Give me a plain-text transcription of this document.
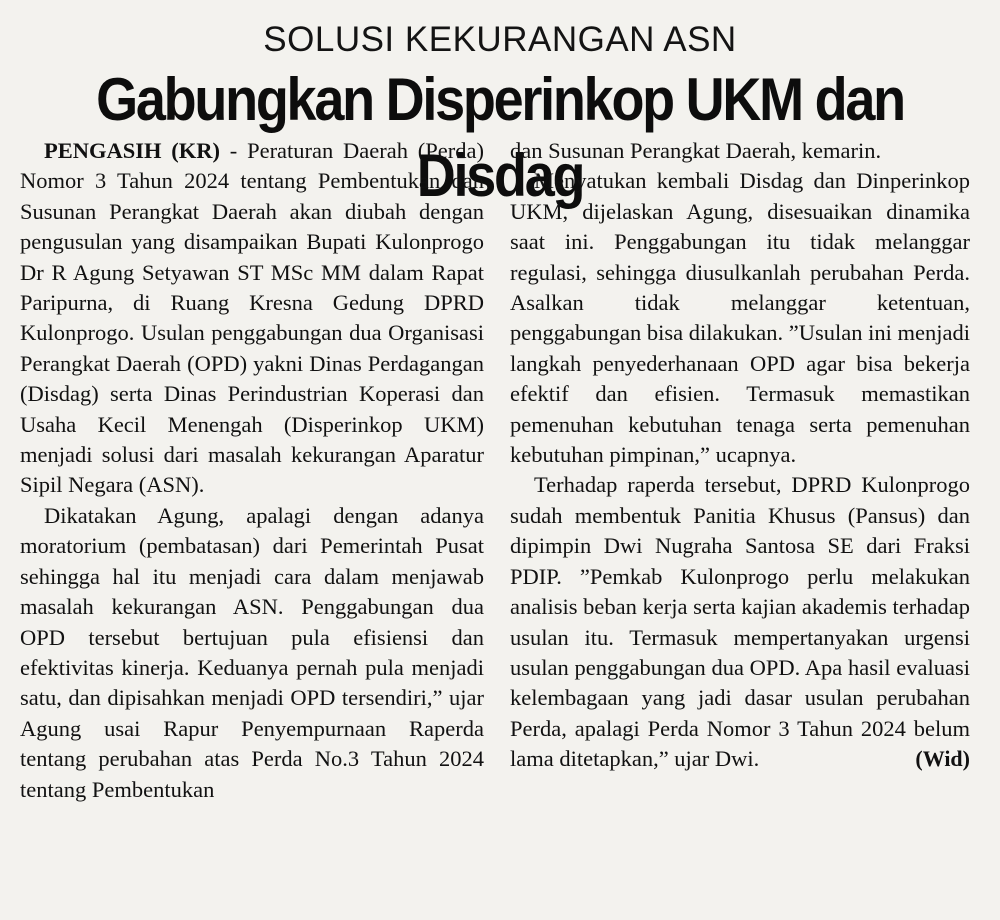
SOLUSI KEKURANGAN ASN
Gabungkan Disperinkop UKM dan Disdag

PENGASIH (KR) - Peraturan Daerah (Perda) Nomor 3 Tahun 2024 tentang Pembentukan dan Susunan Perangkat Daerah akan diubah dengan pengusulan yang disampaikan Bupati Kulonprogo Dr R Agung Setyawan ST MSc MM dalam Rapat Paripurna, di Ruang Kresna Gedung DPRD Kulonprogo. Usulan penggabungan dua Organisasi Perangkat Daerah (OPD) yakni Dinas Perdagangan (Disdag) serta Dinas Perindustrian Koperasi dan Usaha Kecil Menengah (Disperinkop UKM) menjadi solusi dari masalah kekurangan Aparatur Sipil Negara (ASN).

Dikatakan Agung, apalagi dengan adanya moratorium (pembatasan) dari Pemerintah Pusat sehingga hal itu menjadi cara dalam menjawab masalah kekurangan ASN. Penggabungan dua OPD tersebut bertujuan pula efisiensi dan efektivitas kinerja. Keduanya pernah pula menjadi satu, dan dipisahkan menjadi OPD tersendiri,” ujar Agung usai Rapur Penyempurnaan Raperda tentang perubahan atas Perda No.3 Tahun 2024 tentang Pembentukan

dan Susunan Perangkat Daerah, kemarin.

Menyatukan kembali Disdag dan Dinperinkop UKM, dijelaskan Agung, disesuaikan dinamika saat ini. Penggabungan itu tidak melanggar regulasi, sehingga diusulkanlah perubahan Perda. Asalkan tidak melanggar ketentuan, penggabungan bisa dilakukan. ”Usulan ini menjadi langkah penyederhanaan OPD agar bisa bekerja efektif dan efisien. Termasuk memastikan pemenuhan kebutuhan tenaga serta pemenuhan kebutuhan pimpinan,” ucapnya.

Terhadap raperda tersebut, DPRD Kulonprogo sudah membentuk Panitia Khusus (Pansus) dan dipimpin Dwi Nugraha Santosa SE dari Fraksi PDIP. ”Pemkab Kulonprogo perlu melakukan analisis beban kerja serta kajian akademis terhadap usulan itu. Termasuk mempertanyakan urgensi usulan penggabungan dua OPD. Apa hasil evaluasi kelembagaan yang jadi dasar usulan perubahan Perda, apalagi Perda Nomor 3 Tahun 2024 belum lama ditetapkan,” ujar Dwi.	(Wid)
